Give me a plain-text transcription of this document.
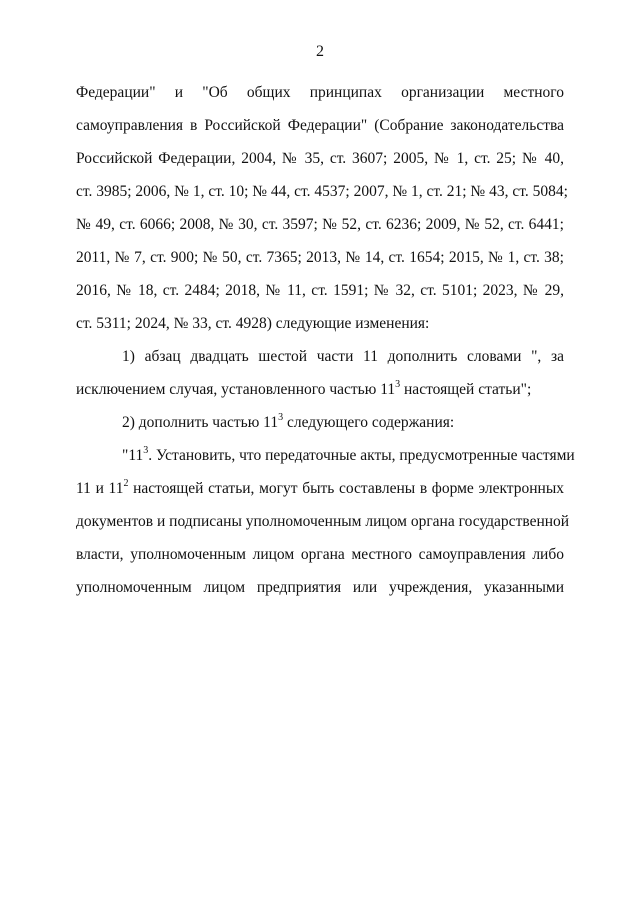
2
Федерации" и "Об общих принципах организации местного
самоуправления в Российской Федерации" (Собрание законодательства
Российской Федерации, 2004, № 35, ст. 3607; 2005, № 1, ст. 25; № 40,
ст. 3985; 2006, № 1, ст. 10; № 44, ст. 4537; 2007, № 1, ст. 21; № 43, ст. 5084;
№ 49, ст. 6066; 2008, № 30, ст. 3597; № 52, ст. 6236; 2009, № 52, ст. 6441;
2011, № 7, ст. 900; № 50, ст. 7365; 2013, № 14, ст. 1654; 2015, № 1, ст. 38;
2016, № 18, ст. 2484; 2018, № 11, ст. 1591; № 32, ст. 5101; 2023, № 29,
ст. 5311; 2024, № 33, ст. 4928) следующие изменения:
1) абзац двадцать шестой части 11 дополнить словами ", за
исключением случая, установленного частью $11^3$ настоящей статьи";
2) дополнить частью $11^3$ следующего содержания:
"$11^3$. Установить, что передаточные акты, предусмотренные частями
11 и $11^2$ настоящей статьи, могут быть составлены в форме электронных
документов и подписаны уполномоченным лицом органа государственной
власти, уполномоченным лицом органа местного самоуправления либо
уполномоченным лицом предприятия или учреждения, указанными
